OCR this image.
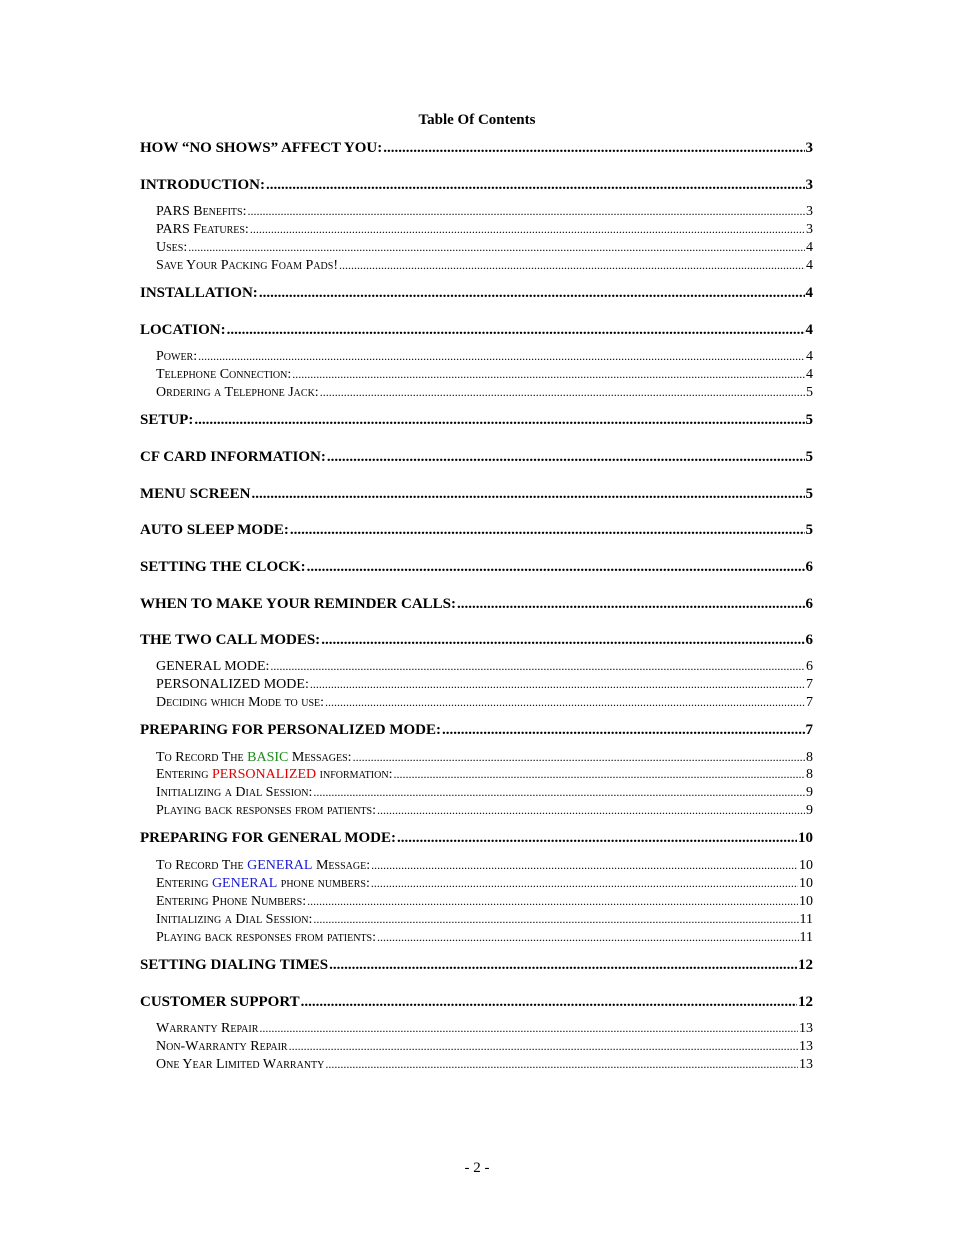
Table Of Contents
HOW “NO SHOWS” AFFECT YOU: .....	3
INTRODUCTION: .....	3
PARS Benefits: .....	3
PARS Features: .....	3
Uses: .....	4
Save Your Packing Foam Pads! .....	4
INSTALLATION: .....	4
LOCATION: .....	4
Power: .....	4
Telephone Connection: .....	4
Ordering a Telephone Jack: .....	5
SETUP: .....	5
CF CARD INFORMATION: .....	5
MENU SCREEN .....	5
AUTO SLEEP MODE: .....	5
SETTING THE CLOCK: .....	6
WHEN TO MAKE YOUR REMINDER CALLS: .....	6
THE TWO CALL MODES: .....	6
GENERAL MODE: .....	6
PERSONALIZED MODE: .....	7
Deciding which Mode to use: .....	7
PREPARING FOR PERSONALIZED MODE: .....	7
To Record The BASIC Messages: .....	8
Entering PERSONALIZED information: .....	8
Initializing a Dial Session: .....	9
Playing back responses from patients: .....	9
PREPARING FOR GENERAL MODE: .....	10
To Record The GENERAL Message: .....	10
Entering GENERAL phone numbers: .....	10
Entering Phone Numbers: .....	10
Initializing a Dial Session: .....	11
Playing back responses from patients: .....	11
SETTING DIALING TIMES .....	12
CUSTOMER SUPPORT .....	12
Warranty Repair .....	13
Non-Warranty Repair .....	13
One Year Limited Warranty .....	13
- 2 -
